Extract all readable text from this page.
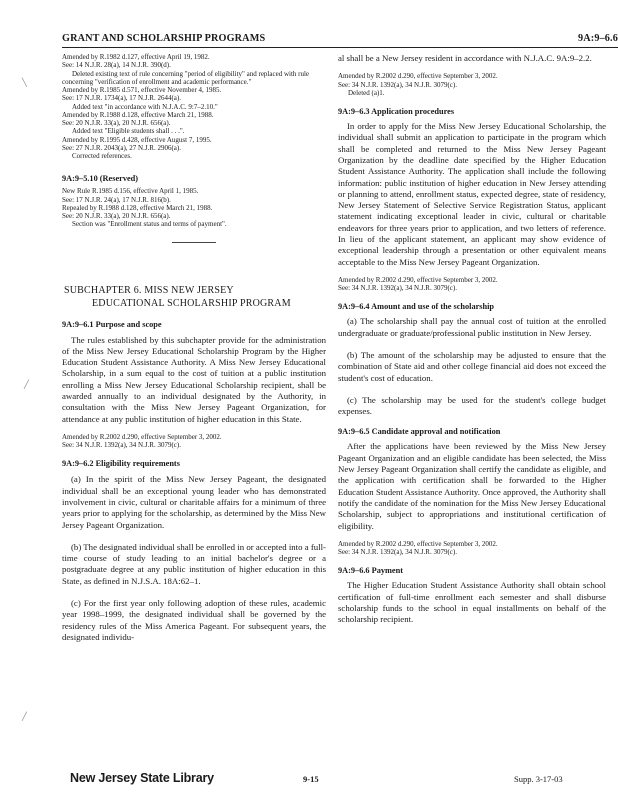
GRANT AND SCHOLARSHIP PROGRAMS	9A:9–6.6
╲
╱
╱

Amended by R.1982 d.127, effective April 19, 1982.

See: 14 N.J.R. 28(a), 14 N.J.R. 390(d).

Deleted existing text of rule concerning "period of eligibility" and replaced with rule concerning "verification of enrollment and academic performance."

Amended by R.1985 d.571, effective November 4, 1985.

See: 17 N.J.R. 1734(a), 17 N.J.R. 2644(a).

Added text "in accordance with N.J.A.C. 9:7–2.10."

Amended by R.1988 d.128, effective March 21, 1988.

See: 20 N.J.R. 33(a), 20 N.J.R. 656(a).

Added text "Eligible students shall . . .".

Amended by R.1995 d.428, effective August 7, 1995.

See: 27 N.J.R. 2043(a), 27 N.J.R. 2906(a).

Corrected references.

9A:9–5.10 (Reserved)

New Rule R.1985 d.156, effective April 1, 1985.

See: 17 N.J.R. 24(a), 17 N.J.R. 816(b).

Repealed by R.1988 d.128, effective March 21, 1988.

See: 20 N.J.R. 33(a), 20 N.J.R. 656(a).

Section was "Enrollment status and terms of payment".

SUBCHAPTER 6. MISS NEW JERSEY

EDUCATIONAL SCHOLARSHIP PROGRAM

9A:9–6.1 Purpose and scope

The rules established by this subchapter provide for the administration of the Miss New Jersey Educational Scholarship Program by the Higher Education Student Assistance Authority. A Miss New Jersey Educational Scholarship, in a sum equal to the cost of tuition at a public institution enrolling a Miss New Jersey Educational Scholarship recipient, shall be awarded annually to an individual designated by the Authority, in consultation with the Miss New Jersey Pageant Organization, for attendance at any public institution of higher education in this State.

Amended by R.2002 d.290, effective September 3, 2002.

See: 34 N.J.R. 1392(a), 34 N.J.R. 3079(c).

9A:9–6.2 Eligibility requirements

(a) In the spirit of the Miss New Jersey Pageant, the designated individual shall be an exceptional young leader who has demonstrated involvement in civic, cultural or charitable affairs for a minimum of three years prior to applying for the scholarship, as determined by the Miss New Jersey Pageant Organization.

(b) The designated individual shall be enrolled in or accepted into a full-time course of study leading to an initial bachelor's degree or a postgraduate degree at any public institution of higher education in this State, as defined in N.J.S.A. 18A:62–1.

(c) For the first year only following adoption of these rules, academic year 1998–1999, the designated individual shall be governed by the residency rules of the Miss America Pageant. For subsequent years, the designated individu-

al shall be a New Jersey resident in accordance with N.J.A.C. 9A:9–2.2.

Amended by R.2002 d.290, effective September 3, 2002.

See: 34 N.J.R. 1392(a), 34 N.J.R. 3079(c).

Deleted (a)1.

9A:9–6.3 Application procedures

In order to apply for the Miss New Jersey Educational Scholarship, the individual shall submit an application to participate in the program which shall be completed and returned to the Miss New Jersey Pageant Organization by the deadline date specified by the Higher Education Student Assistance Authority. The application shall include the following information: public institution of higher education in New Jersey attending or planning to attend, enrollment status, expected degree, state of residency, New Jersey Statement of Selective Service Registration Status, applicant statement indicating exceptional leader in civic, cultural or charitable endeavors for three years prior to application, and two letters of reference. In lieu of the applicant statement, an applicant may show evidence of exceptional leadership through a presentation or other equivalent means acceptable to the Miss New Jersey Pageant Organization.

Amended by R.2002 d.290, effective September 3, 2002.

See: 34 N.J.R. 1392(a), 34 N.J.R. 3079(c).

9A:9–6.4 Amount and use of the scholarship

(a) The scholarship shall pay the annual cost of tuition at the enrolled undergraduate or graduate/professional public institution in New Jersey.

(b) The amount of the scholarship may be adjusted to ensure that the combination of State aid and other college financial aid does not exceed the student's cost of education.

(c) The scholarship may be used for the student's college budget expenses.

9A:9–6.5 Candidate approval and notification

After the applications have been reviewed by the Miss New Jersey Pageant Organization and an eligible candidate has been selected, the Miss New Jersey Pageant Organization shall certify the candidate as eligible, and the application with certification shall be forwarded to the Higher Education Student Assistance Authority. Once approved, the Authority shall notify the candidate of the nomination for the Miss New Jersey Educational Scholarship, subject to appropriations and institutional certification of eligibility.

Amended by R.2002 d.290, effective September 3, 2002.

See: 34 N.J.R. 1392(a), 34 N.J.R. 3079(c).

9A:9–6.6 Payment

The Higher Education Student Assistance Authority shall obtain school certification of full-time enrollment each semester and shall disburse scholarship funds to the school in equal installments on behalf of the scholarship recipient.

New Jersey State Library	9-15	Supp. 3-17-03
